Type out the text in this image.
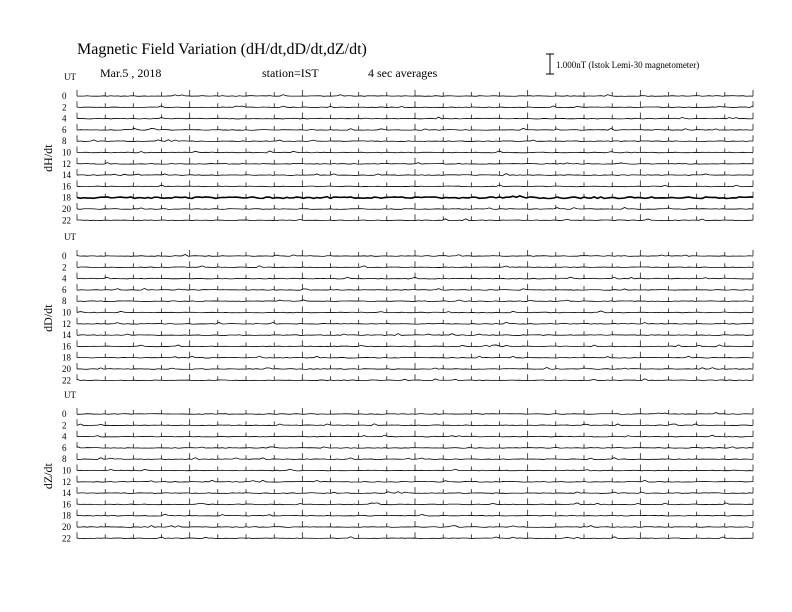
Magnetic Field Variation (dH/dt,dD/dt,dZ/dt)
Mar.5 , 2018	station=IST	4 sec averages
1.000nT (Istok Lemi-30 magnetometer)
UT
dH/dt
0
2
4
6
8
10
12
14
16
18
20
22
UT
dD/dt
0
2
4
6
8
10
12
14
16
18
20
22
UT
dZ/dt
0
2
4
6
8
10
12
14
16
18
20
22
